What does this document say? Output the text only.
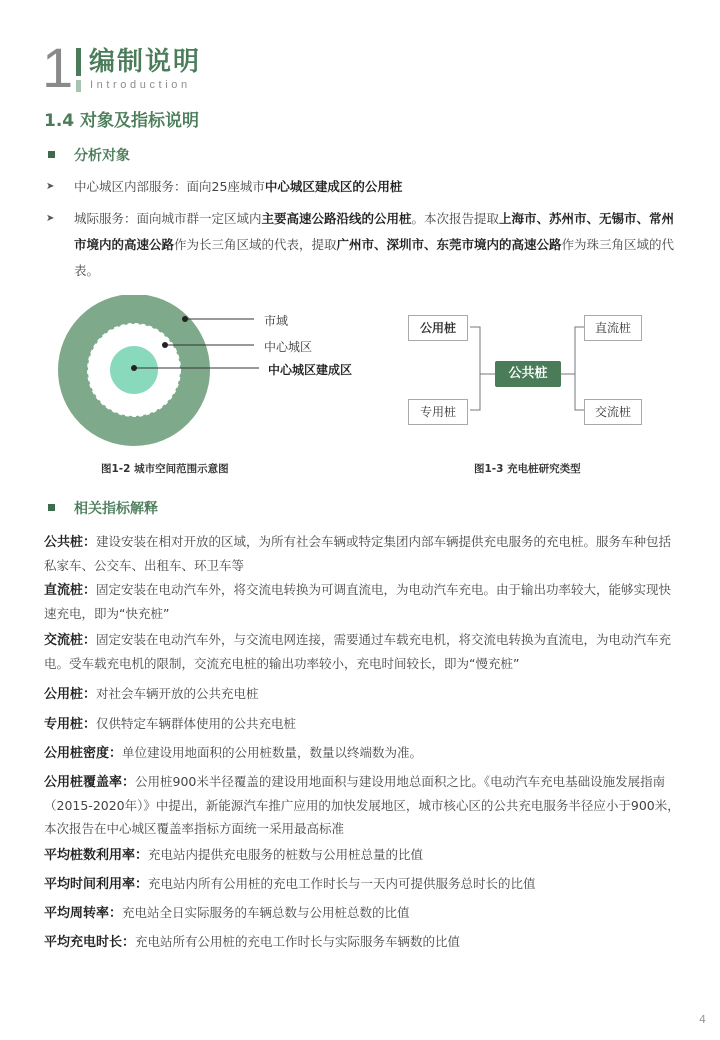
1 编制说明
Introduction
1.4 对象及指标说明
分析对象
➤ 中心城区内部服务：面向25座城市中心城区建成区的公用桩
➤ 城际服务：面向城市群一定区域内主要高速公路沿线的公用桩。本次报告提取上海市、苏州市、无锡市、常州市境内的高速公路作为长三角区域的代表，提取广州市、深圳市、东莞市境内的高速公路作为珠三角区域的代表。
市域
中心城区
中心城区建成区
图1-2 城市空间范围示意图
公用桩
专用桩
公共桩
直流桩
交流桩
图1-3 充电桩研究类型
相关指标解释
公共桩：建设安装在相对开放的区域，为所有社会车辆或特定集团内部车辆提供充电服务的充电桩。服务车种包括私家车、公交车、出租车、环卫车等
直流桩：固定安装在电动汽车外，将交流电转换为可调直流电，为电动汽车充电。由于输出功率较大，能够实现快速充电，即为“快充桩”
交流桩：固定安装在电动汽车外，与交流电网连接，需要通过车载充电机，将交流电转换为直流电，为电动汽车充电。受车载充电机的限制，交流充电桩的输出功率较小，充电时间较长，即为“慢充桩”
公用桩：对社会车辆开放的公共充电桩
专用桩：仅供特定车辆群体使用的公共充电桩
公用桩密度：单位建设用地面积的公用桩数量，数量以终端数为准。
公用桩覆盖率：公用桩900米半径覆盖的建设用地面积与建设用地总面积之比。《电动汽车充电基础设施发展指南（2015-2020年）》中提出，新能源汽车推广应用的加快发展地区，城市核心区的公共充电服务半径应小于900米，本次报告在中心城区覆盖率指标方面统一采用最高标准
平均桩数利用率：充电站内提供充电服务的桩数与公用桩总量的比值
平均时间利用率：充电站内所有公用桩的充电工作时长与一天内可提供服务总时长的比值
平均周转率：充电站全日实际服务的车辆总数与公用桩总数的比值
平均充电时长：充电站所有公用桩的充电工作时长与实际服务车辆数的比值
4
